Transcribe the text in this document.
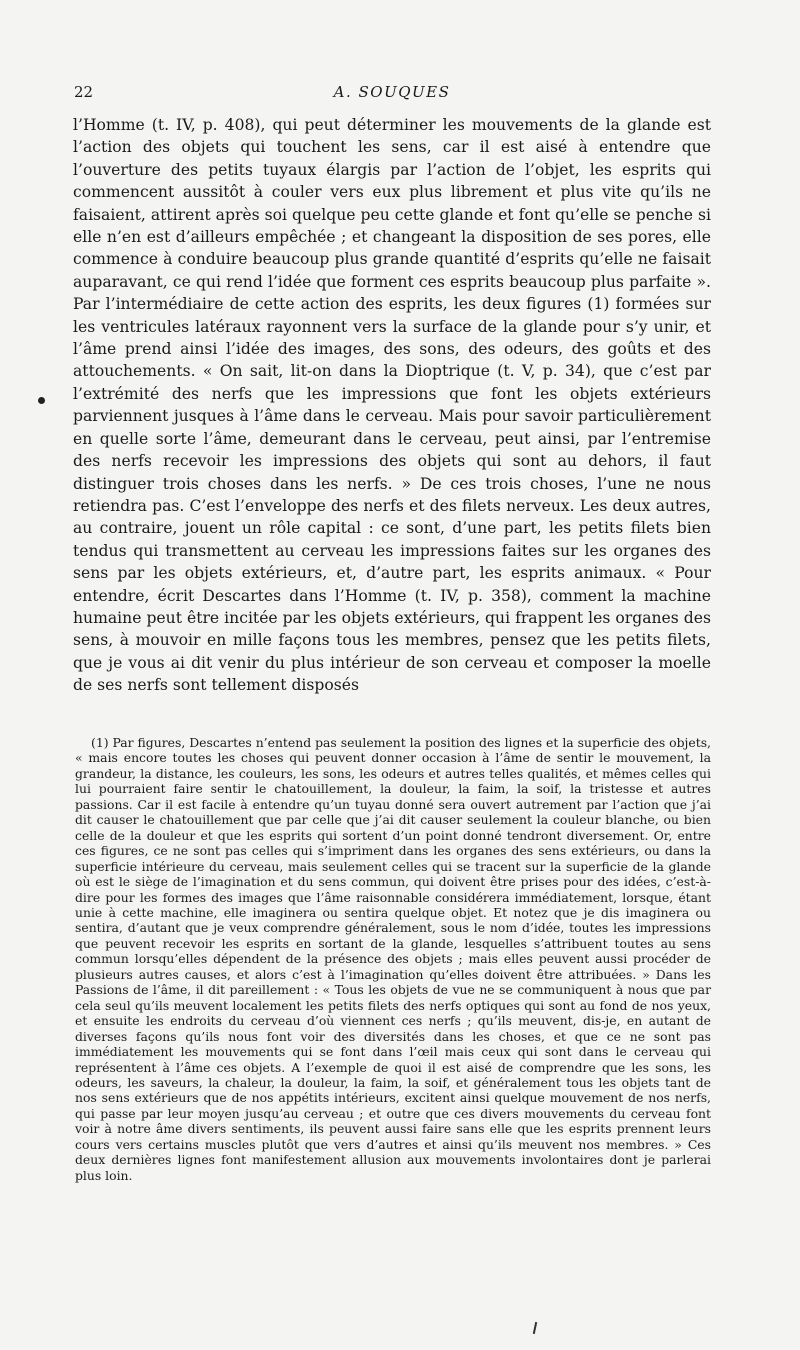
22	A. SOUQUES

l’Homme (t. IV, p. 408), qui peut déterminer les mouvements de la glande est l’action des objets qui touchent les sens, car il est aisé à entendre que l’ouverture des petits tuyaux élargis par l’action de l’objet, les esprits qui commencent aussitôt à couler vers eux plus librement et plus vite qu’ils ne faisaient, attirent après soi quelque peu cette glande et font qu’elle se penche si elle n’en est d’ailleurs empêchée ; et changeant la disposition de ses pores, elle commence à conduire beaucoup plus grande quantité d’esprits qu’elle ne faisait auparavant, ce qui rend l’idée que forment ces esprits beaucoup plus parfaite ». Par l’intermédiaire de cette action des esprits, les deux figures (1) formées sur les ventricules latéraux rayonnent vers la surface de la glande pour s’y unir, et l’âme prend ainsi l’idée des images, des sons, des odeurs, des goûts et des attouchements. « On sait, lit-on dans la Dioptrique (t. V, p. 34), que c’est par l’extrémité des nerfs que les impressions que font les objets extérieurs parviennent jusques à l’âme dans le cerveau. Mais pour savoir particulièrement en quelle sorte l’âme, demeurant dans le cerveau, peut ainsi, par l’entremise des nerfs recevoir les impressions des objets qui sont au dehors, il faut distinguer trois choses dans les nerfs. » De ces trois choses, l’une ne nous retiendra pas. C’est l’enveloppe des nerfs et des filets nerveux. Les deux autres, au contraire, jouent un rôle capital : ce sont, d’une part, les petits filets bien tendus qui transmettent au cerveau les impressions faites sur les organes des sens par les objets extérieurs, et, d’autre part, les esprits animaux. « Pour entendre, écrit Descartes dans l’Homme (t. IV, p. 358), comment la machine humaine peut être incitée par les objets extérieurs, qui frappent les organes des sens, à mouvoir en mille façons tous les membres, pensez que les petits filets, que je vous ai dit venir du plus intérieur de son cerveau et composer la moelle de ses nerfs sont tellement disposés

(1) Par figures, Descartes n’entend pas seulement la position des lignes et la superficie des objets, « mais encore toutes les choses qui peuvent donner occasion à l’âme de sentir le mouvement, la grandeur, la distance, les couleurs, les sons, les odeurs et autres telles qualités, et mêmes celles qui lui pourraient faire sentir le chatouillement, la douleur, la faim, la soif, la tristesse et autres passions. Car il est facile à entendre qu’un tuyau donné sera ouvert autrement par l’action que j’ai dit causer le chatouillement que par celle que j’ai dit causer seulement la couleur blanche, ou bien celle de la douleur et que les esprits qui sortent d’un point donné tendront diversement. Or, entre ces figures, ce ne sont pas celles qui s’impriment dans les organes des sens extérieurs, ou dans la superficie intérieure du cerveau, mais seulement celles qui se tracent sur la superficie de la glande où est le siège de l’imagination et du sens commun, qui doivent être prises pour des idées, c’est-à-dire pour les formes des images que l’âme raisonnable considérera immédiatement, lorsque, étant unie à cette machine, elle imaginera ou sentira quelque objet. Et notez que je dis imaginera ou sentira, d’autant que je veux comprendre généralement, sous le nom d’idée, toutes les impressions que peuvent recevoir les esprits en sortant de la glande, lesquelles s’attribuent toutes au sens commun lorsqu’elles dépendent de la présence des objets ; mais elles peuvent aussi procéder de plusieurs autres causes, et alors c’est à l’imagination qu’elles doivent être attribuées. » Dans les Passions de l’âme, il dit pareillement : « Tous les objets de vue ne se communiquent à nous que par cela seul qu’ils meuvent localement les petits filets des nerfs optiques qui sont au fond de nos yeux, et ensuite les endroits du cerveau d’où viennent ces nerfs ; qu’ils meuvent, dis-je, en autant de diverses façons qu’ils nous font voir des diversités dans les choses, et que ce ne sont pas immédiatement les mouvements qui se font dans l’œil mais ceux qui sont dans le cerveau qui représentent à l’âme ces objets. A l’exemple de quoi il est aisé de comprendre que les sons, les odeurs, les saveurs, la chaleur, la douleur, la faim, la soif, et généralement tous les objets tant de nos sens extérieurs que de nos appétits intérieurs, excitent ainsi quelque mouvement de nos nerfs, qui passe par leur moyen jusqu’au cerveau ; et outre que ces divers mouvements du cerveau font voir à notre âme divers sentiments, ils peuvent aussi faire sans elle que les esprits prennent leurs cours vers certains muscles plutôt que vers d’autres et ainsi qu’ils meuvent nos membres. » Ces deux dernières lignes font manifestement allusion aux mouvements involontaires dont je parlerai plus loin.
